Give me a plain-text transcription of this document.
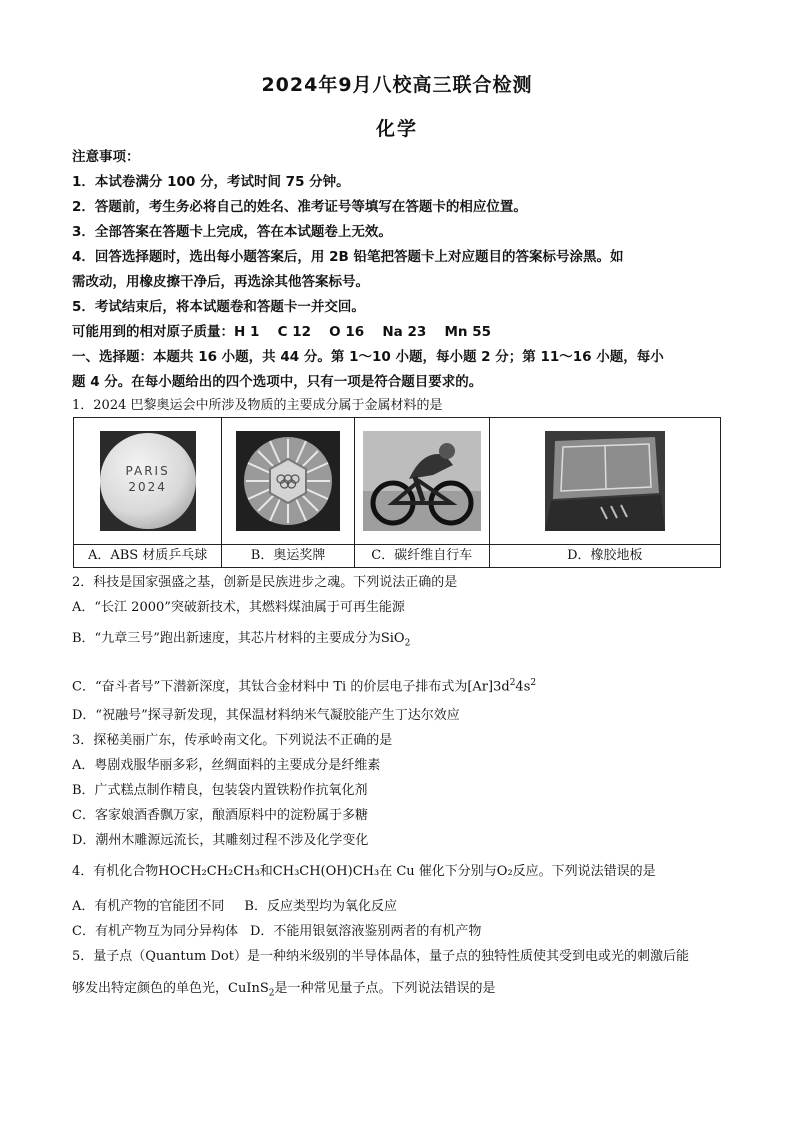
2024年9月八校高三联合检测
化学
注意事项：
1．本试卷满分 100 分，考试时间 75 分钟。
2．答题前，考生务必将自己的姓名、准考证号等填写在答题卡的相应位置。
3．全部答案在答题卡上完成，答在本试题卷上无效。
4．回答选择题时，选出每小题答案后，用 2B 铅笔把答题卡上对应题目的答案标号涂黑。如
需改动，用橡皮擦干净后，再选涂其他答案标号。
5．考试结束后，将本试题卷和答题卡一并交回。
可能用到的相对原子质量：H 1　 C 12　 O 16　 Na 23　 Mn 55
一、选择题：本题共 16 小题，共 44 分。第 1～10 小题，每小题 2 分；第 11～16 小题，每小
题 4 分。在每小题给出的四个选项中，只有一项是符合题目要求的。
1．2024 巴黎奥运会中所涉及物质的主要成分属于金属材料的是
PARIS
2024
A．ABS 材质乒乓球	B．奥运奖牌	C．碳纤维自行车	D．橡胶地板
2．科技是国家强盛之基，创新是民族进步之魂。下列说法正确的是
A．“长江 2000”突破新技术，其燃料煤油属于可再生能源
B．“九章三号”跑出新速度，其芯片材料的主要成分为SiO$_2$
C．“奋斗者号”下潜新深度，其钛合金材料中 Ti 的价层电子排布式为$[Ar]3d^24s^2$
D．“祝融号”探寻新发现，其保温材料纳米气凝胶能产生丁达尔效应
3．探秘美丽广东，传承岭南文化。下列说法不正确的是
A．粤剧戏服华丽多彩，丝绸面料的主要成分是纤维素
B．广式糕点制作精良，包装袋内置铁粉作抗氧化剂
C．客家娘酒香飘万家，酿酒原料中的淀粉属于多糖
D．潮州木雕源远流长，其雕刻过程不涉及化学变化
4．有机化合物HOCH₂CH₂CH₃和CH₃CH(OH)CH₃在 Cu 催化下分别与O₂反应。下列说法错误的是
A．有机产物的官能团不同 B．反应类型均为氧化反应
C．有机产物互为同分异构体 D．不能用银氨溶液鉴别两者的有机产物
5．量子点（Quantum Dot）是一种纳米级别的半导体晶体，量子点的独特性质使其受到电或光的刺激后能
够发出特定颜色的单色光，CuInS$_2$是一种常见量子点。下列说法错误的是
